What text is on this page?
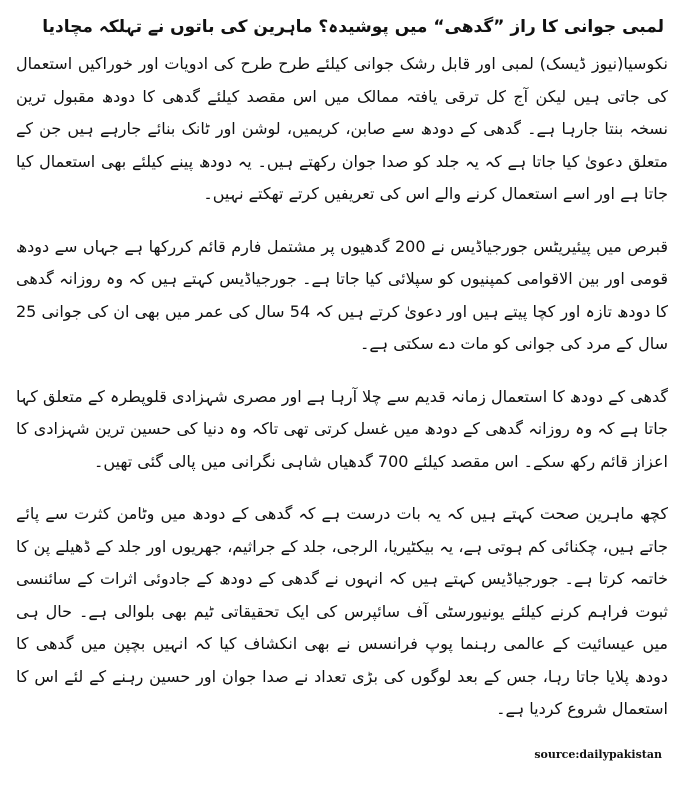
لمبی جوانی کا راز ”گدھی“ میں پوشیدہ؟ ماہرین کی باتوں نے تہلکہ مچادیا

نکوسیا(نیوز ڈیسک) لمبی اور قابل رشک جوانی کیلئے طرح طرح کی ادویات اور خوراکیں استعمال کی جاتی ہیں لیکن آج کل ترقی یافتہ ممالک میں اس مقصد کیلئے گدھی کا دودھ مقبول ترین نسخہ بنتا جارہا ہے۔ گدھی کے دودھ سے صابن، کریمیں، لوشن اور ٹانک بنائے جارہے ہیں جن کے متعلق دعویٰ کیا جاتا ہے کہ یہ جلد کو صدا جوان رکھتے ہیں۔ یہ دودھ پینے کیلئے بھی استعمال کیا جاتا ہے اور اسے استعمال کرنے والے اس کی تعریفیں کرتے تھکتے نہیں۔

قبرص میں پیئیریٹس جورجیاڈیس نے 200 گدھیوں پر مشتمل فارم قائم کررکھا ہے جہاں سے دودھ قومی اور بین الاقوامی کمپنیوں کو سپلائی کیا جاتا ہے۔ جورجیاڈیس کہتے ہیں کہ وہ روزانہ گدھی کا دودھ تازہ اور کچا پیتے ہیں اور دعویٰ کرتے ہیں کہ 54 سال کی عمر میں بھی ان کی جوانی 25 سال کے مرد کی جوانی کو مات دے سکتی ہے۔

گدھی کے دودھ کا استعمال زمانہ قدیم سے چلا آرہا ہے اور مصری شہزادی قلوپطرہ کے متعلق کہا جاتا ہے کہ وہ روزانہ گدھی کے دودھ میں غسل کرتی تھی تاکہ وہ دنیا کی حسین ترین شہزادی کا اعزاز قائم رکھ سکے۔ اس مقصد کیلئے 700 گدھیاں شاہی نگرانی میں پالی گئی تھیں۔

کچھ ماہرین صحت کہتے ہیں کہ یہ بات درست ہے کہ گدھی کے دودھ میں وٹامن کثرت سے پائے جاتے ہیں، چکنائی کم ہوتی ہے، یہ بیکٹیریا، الرجی، جلد کے جراثیم، جھریوں اور جلد کے ڈھیلے پن کا خاتمہ کرتا ہے۔ جورجیاڈیس کہتے ہیں کہ انہوں نے گدھی کے دودھ کے جادوئی اثرات کے سائنسی ثبوت فراہم کرنے کیلئے یونیورسٹی آف سائپرس کی ایک تحقیقاتی ٹیم بھی بلوالی ہے۔ حال ہی میں عیسائیت کے عالمی رہنما پوپ فرانسس نے بھی انکشاف کیا کہ انہیں بچپن میں گدھی کا دودھ پلایا جاتا رہا، جس کے بعد لوگوں کی بڑی تعداد نے صدا جوان اور حسین رہنے کے لئے اس کا استعمال شروع کردیا ہے۔

source:dailypakistan
